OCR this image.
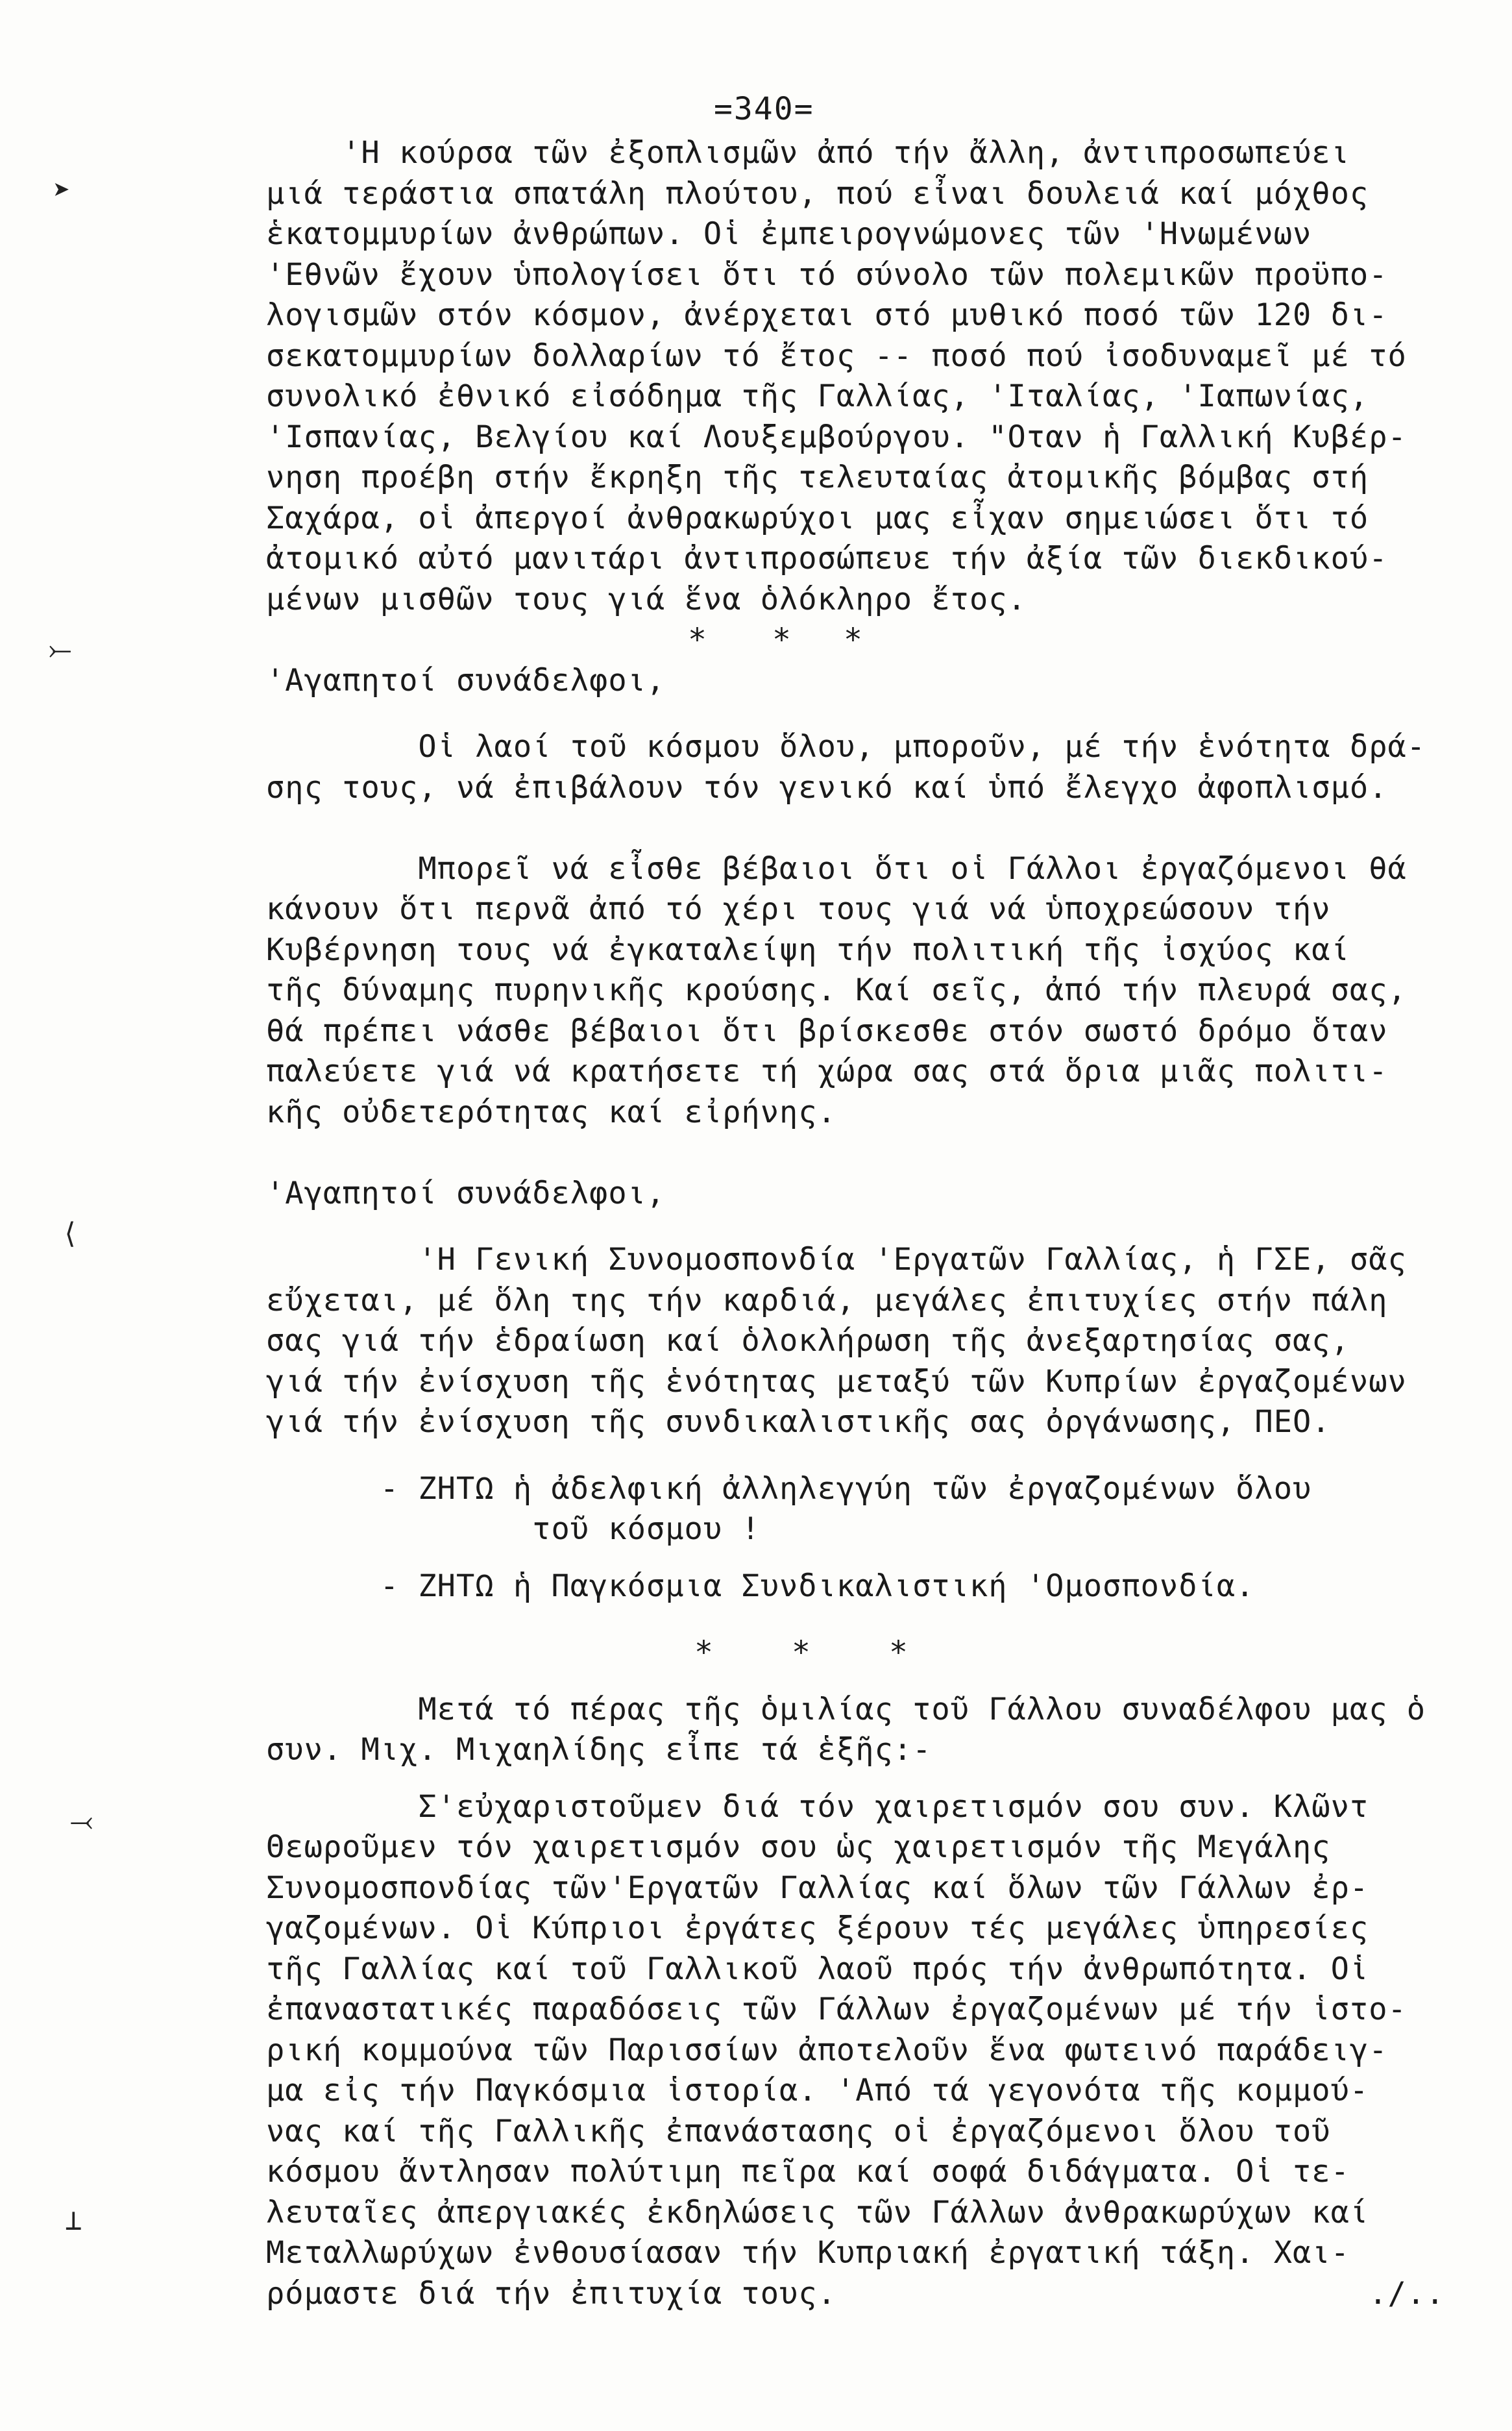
➤
⤚
⟨
⤙
⊥
=340=
'Η κούρσα τῶν ἐξοπλισμῶν ἀπό τήν ἄλλη, ἀντιπροσωπεύει
μιά τεράστια σπατάλη πλούτου, πού εἶναι δουλειά καί μόχθος
ἑκατομμυρίων ἀνθρώπων. Οἱ ἐμπειρογνώμονες τῶν 'Ηνωμένων
'Εθνῶν ἔχουν ὑπολογίσει ὅτι τό σύνολο τῶν πολεμικῶν προϋπο-
λογισμῶν στόν κόσμον, ἀνέρχεται στό μυθικό ποσό τῶν 120 δι-
σεκατομμυρίων δολλαρίων τό ἔτος -- ποσό πού ἰσοδυναμεῖ μέ τό
συνολικό ἐθνικό εἰσόδημα τῆς Γαλλίας, 'Ιταλίας, 'Ιαπωνίας,
'Ισπανίας, Βελγίου καί Λουξεμβούργου. "Οταν ἡ Γαλλική Κυβέρ-
νηση προέβη στήν ἔκρηξη τῆς τελευταίας ἀτομικῆς βόμβας στή
Σαχάρα, οἱ ἀπεργοί ἀνθρακωρύχοι μας εἶχαν σημειώσει ὅτι τό
ἀτομικό αὐτό μανιτάρι ἀντιπροσώπευε τήν ἀξία τῶν διεκδικού-
μένων μισθῶν τους γιά ἕνα ὁλόκληρο ἔτος.
* * *
'Αγαπητοί συνάδελφοι,
Οἱ λαοί τοῦ κόσμου ὅλου, μποροῦν, μέ τήν ἑνότητα δρά-
σης τους, νά ἐπιβάλουν τόν γενικό καί ὑπό ἔλεγχο ἀφοπλισμό.
Μπορεῖ νά εἶσθε βέβαιοι ὅτι οἱ Γάλλοι ἐργαζόμενοι θά
κάνουν ὅτι περνᾶ ἀπό τό χέρι τους γιά νά ὑποχρεώσουν τήν
Κυβέρνηση τους νά ἐγκαταλείψη τήν πολιτική τῆς ἰσχύος καί
τῆς δύναμης πυρηνικῆς κρούσης. Καί σεῖς, ἀπό τήν πλευρά σας,
θά πρέπει νάσθε βέβαιοι ὅτι βρίσκεσθε στόν σωστό δρόμο ὅταν
παλεύετε γιά νά κρατήσετε τή χώρα σας στά ὅρια μιᾶς πολιτι-
κῆς οὐδετερότητας καί εἰρήνης.
'Αγαπητοί συνάδελφοι,
'Η Γενική Συνομοσπονδία 'Εργατῶν Γαλλίας, ἡ ΓΣΕ, σᾶς
εὔχεται, μέ ὅλη της τήν καρδιά, μεγάλες ἐπιτυχίες στήν πάλη
σας γιά τήν ἑδραίωση καί ὁλοκλήρωση τῆς ἀνεξαρτησίας σας,
γιά τήν ἐνίσχυση τῆς ἑνότητας μεταξύ τῶν Κυπρίων ἐργαζομένων
γιά τήν ἐνίσχυση τῆς συνδικαλιστικῆς σας ὀργάνωσης, ΠΕΟ.
- ΖΗΤΩ ἡ ἀδελφική ἀλληλεγγύη τῶν ἐργαζομένων ὅλου
τοῦ κόσμου !
- ΖΗΤΩ ἡ Παγκόσμια Συνδικαλιστική 'Ομοσπονδία.
*	*	*
Μετά τό πέρας τῆς ὁμιλίας τοῦ Γάλλου συναδέλφου μας ὁ
συν. Μιχ. Μιχαηλίδης εἶπε τά ἑξῆς:-
Σ'εὐχαριστοῦμεν διά τόν χαιρετισμόν σου συν. Κλῶντ
Θεωροῦμεν τόν χαιρετισμόν σου ὡς χαιρετισμόν τῆς Μεγάλης
Συνομοσπονδίας τῶν'Εργατῶν Γαλλίας καί ὅλων τῶν Γάλλων ἐρ-
γαζομένων. Οἱ Κύπριοι ἐργάτες ξέρουν τές μεγάλες ὑπηρεσίες
τῆς Γαλλίας καί τοῦ Γαλλικοῦ λαοῦ πρός τήν ἀνθρωπότητα. Οἱ
ἐπαναστατικές παραδόσεις τῶν Γάλλων ἐργαζομένων μέ τήν ἱστο-
ρική κομμούνα τῶν Παρισσίων ἀποτελοῦν ἕνα φωτεινό παράδειγ-
μα εἰς τήν Παγκόσμια ἱστορία. 'Από τά γεγονότα τῆς κομμού-
νας καί τῆς Γαλλικῆς ἐπανάστασης οἱ ἐργαζόμενοι ὅλου τοῦ
κόσμου ἄντλησαν πολύτιμη πεῖρα καί σοφά διδάγματα. Οἱ τε-
λευταῖες ἀπεργιακές ἐκδηλώσεις τῶν Γάλλων ἀνθρακωρύχων καί
Μεταλλωρύχων ἐνθουσίασαν τήν Κυπριακή ἐργατική τάξη. Χαι-
ρόμαστε διά τήν ἐπιτυχία τους.                            ./..
